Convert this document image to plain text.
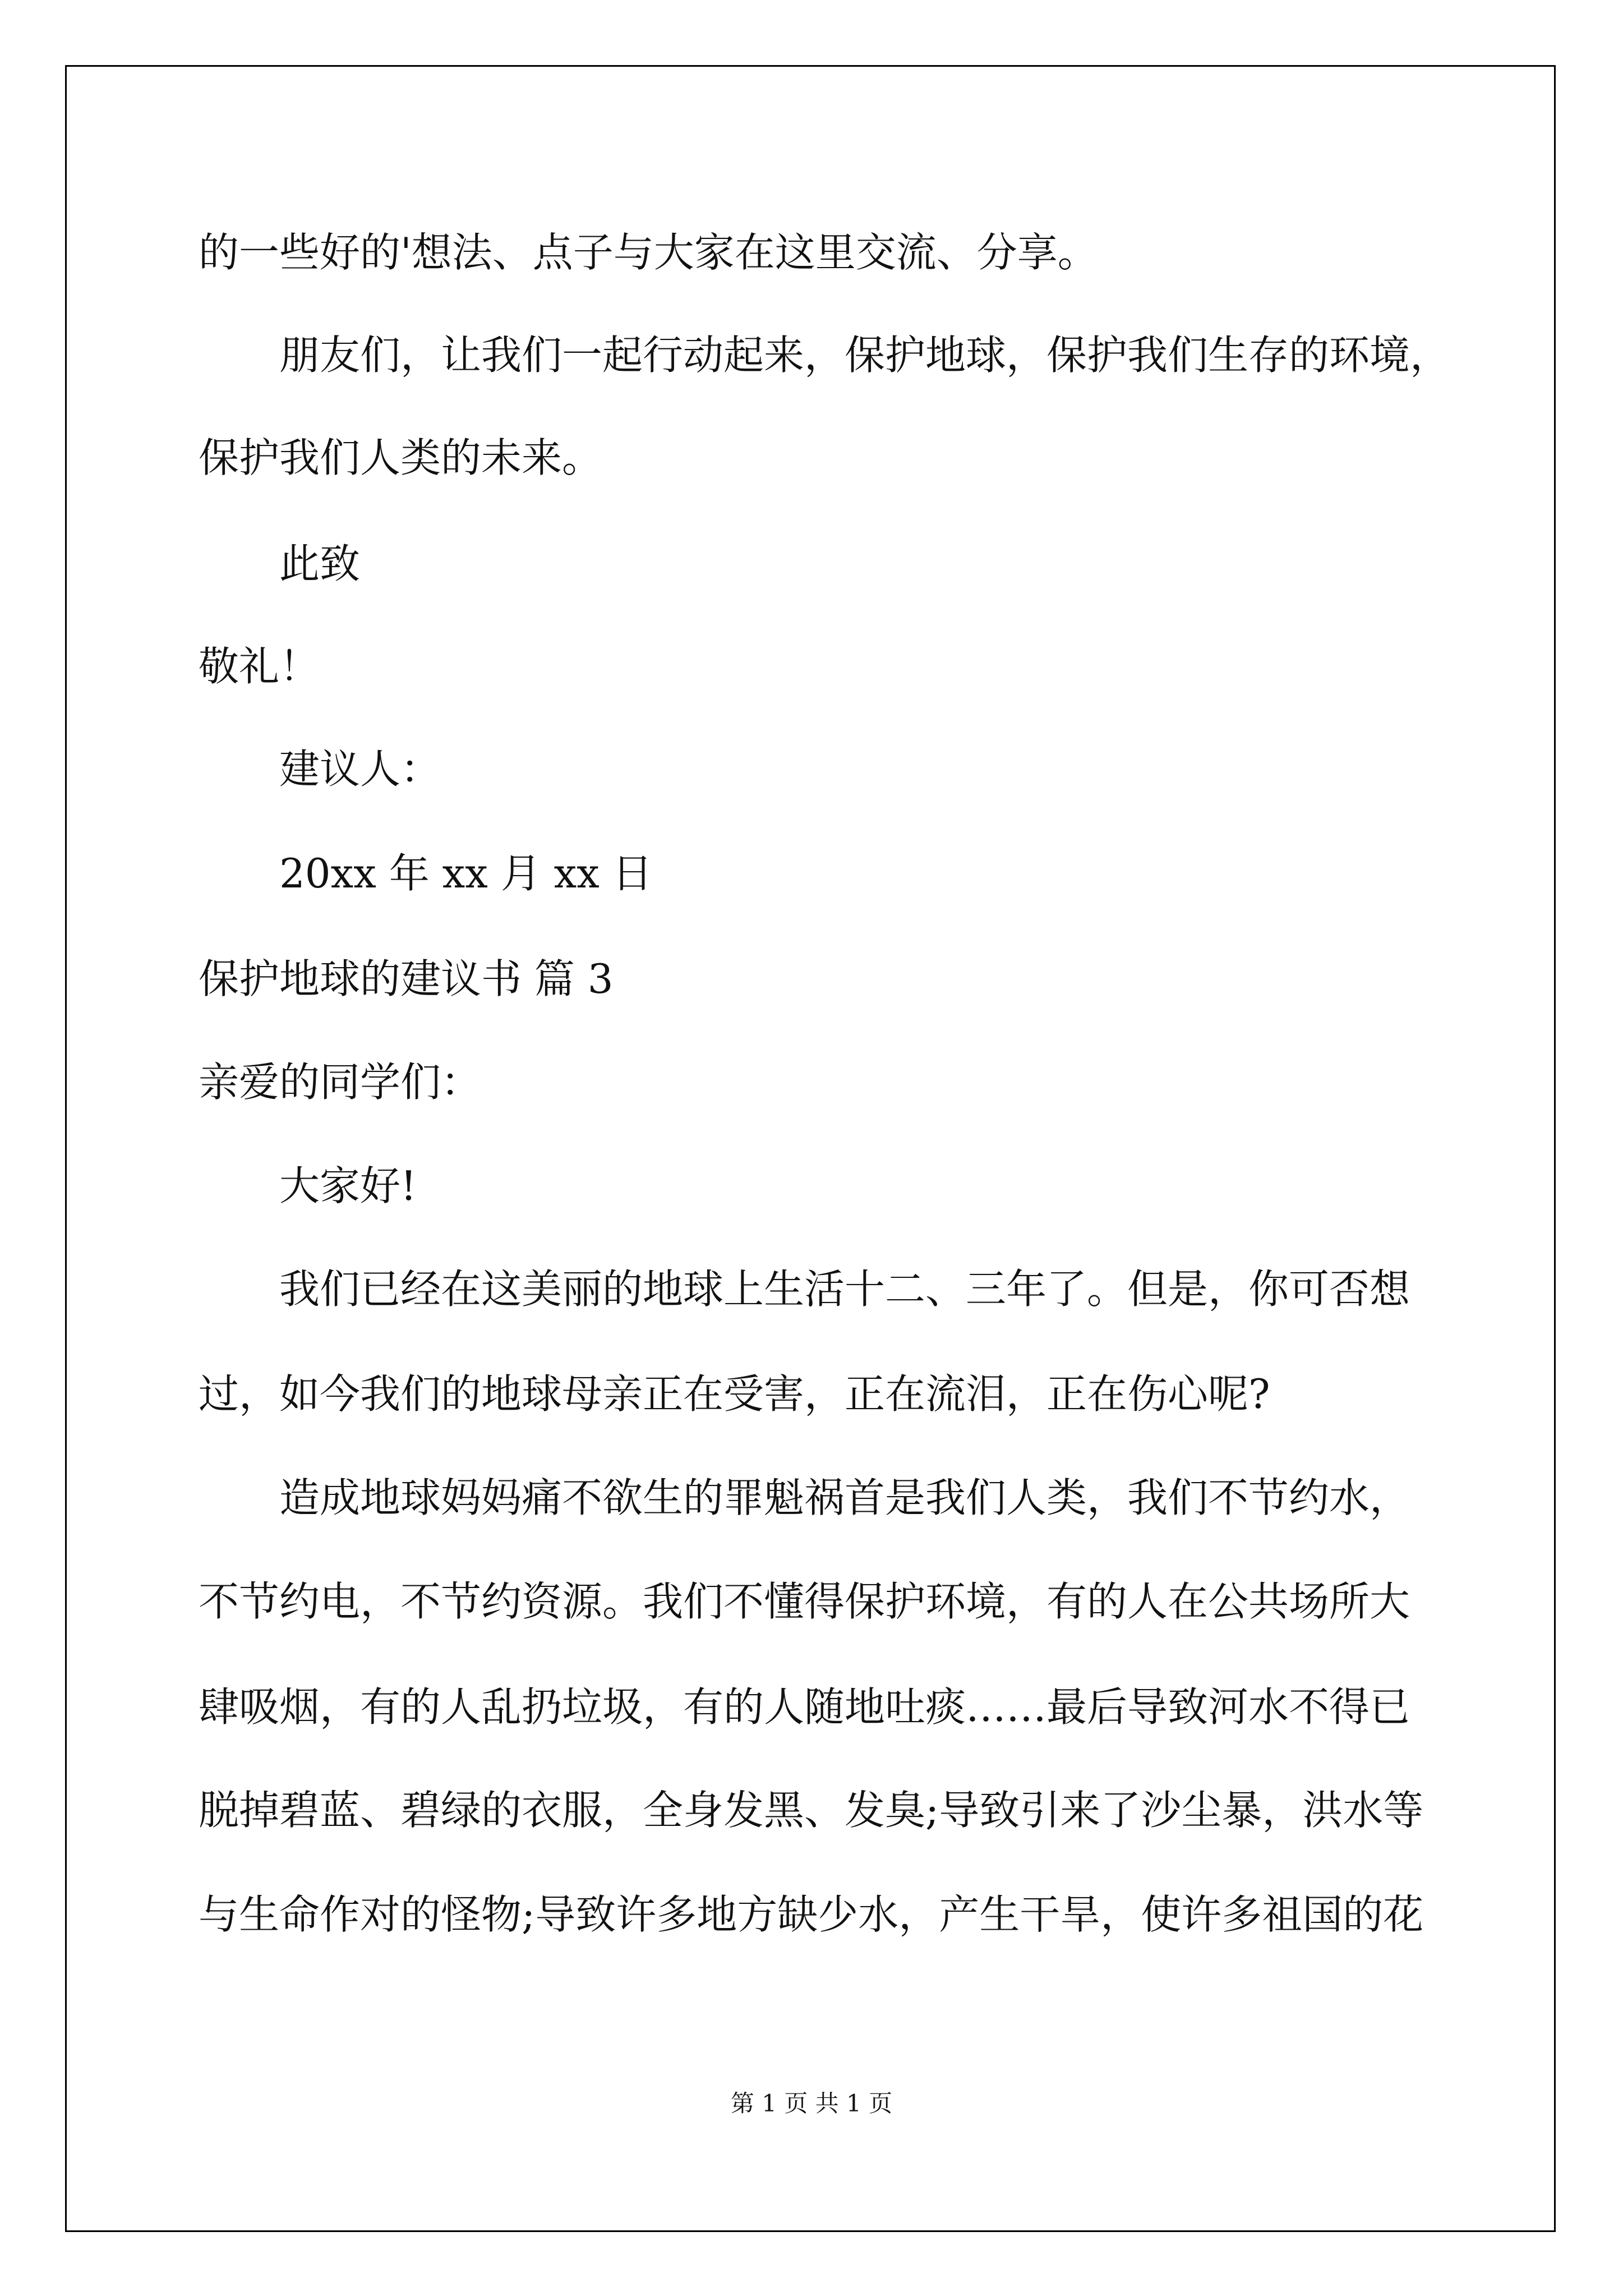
的一些好的'想法、点子与大家在这里交流、分享。

朋友们，让我们一起行动起来，保护地球，保护我们生存的环境，

保护我们人类的未来。

此致

敬礼！

建议人：

20xx 年 xx 月 xx 日

保护地球的建议书 篇 3

亲爱的同学们：

大家好!

我们已经在这美丽的地球上生活十二、三年了。但是，你可否想

过，如今我们的地球母亲正在受害，正在流泪，正在伤心呢?

造成地球妈妈痛不欲生的罪魁祸首是我们人类，我们不节约水，

不节约电，不节约资源。我们不懂得保护环境，有的人在公共场所大

肆吸烟，有的人乱扔垃圾，有的人随地吐痰……最后导致河水不得已

脱掉碧蓝、碧绿的衣服，全身发黑、发臭;导致引来了沙尘暴，洪水等

与生命作对的怪物;导致许多地方缺少水，产生干旱，使许多祖国的花

第 1 页 共 1 页
